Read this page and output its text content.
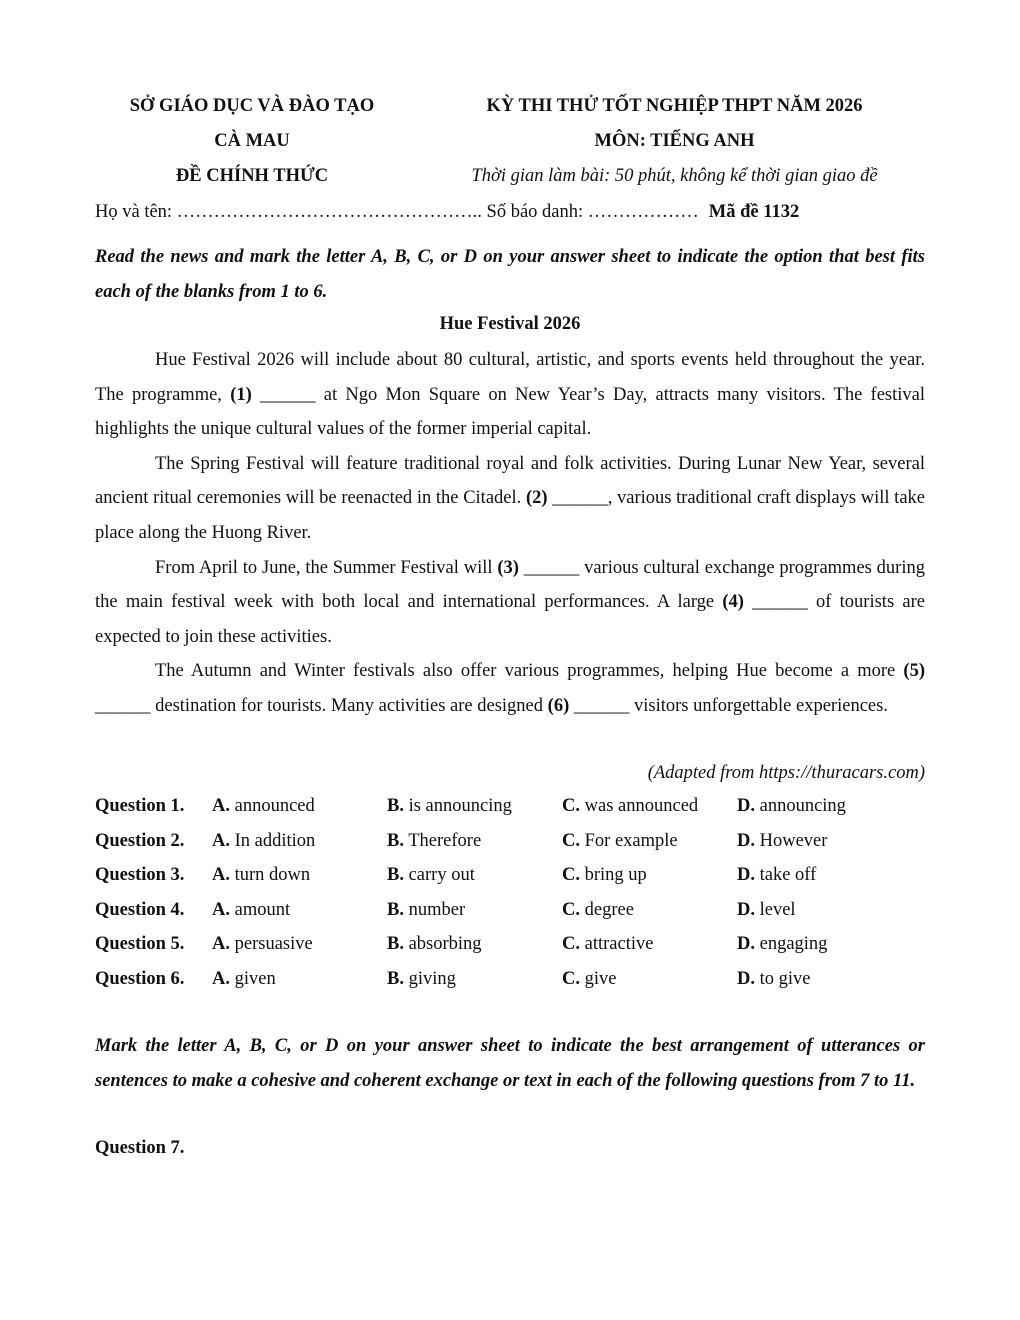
SỞ GIÁO DỤC VÀ ĐÀO TẠO
CÀ MAU
ĐỀ CHÍNH THỨC
KỲ THI THỬ TỐT NGHIỆP THPT NĂM 2026
MÔN: TIẾNG ANH
Thời gian làm bài: 50 phút, không kể thời gian giao đề
Họ và tên: ………………………………………….. Số báo danh: ……………… Mã đề 1132
Read the news and mark the letter A, B, C, or D on your answer sheet to indicate the option that best fits each of the blanks from 1 to 6.
Hue Festival 2026

Hue Festival 2026 will include about 80 cultural, artistic, and sports events held throughout the year. The programme, (1) ______ at Ngo Mon Square on New Year’s Day, attracts many visitors. The festival highlights the unique cultural values of the former imperial capital.

The Spring Festival will feature traditional royal and folk activities. During Lunar New Year, several ancient ritual ceremonies will be reenacted in the Citadel. (2) ______, various traditional craft displays will take place along the Huong River.

From April to June, the Summer Festival will (3) ______ various cultural exchange programmes during the main festival week with both local and international performances. A large (4) ______ of tourists are expected to join these activities.

The Autumn and Winter festivals also offer various programmes, helping Hue become a more (5) ______ destination for tourists. Many activities are designed (6) ______ visitors unforgettable experiences.

(Adapted from https://thuracars.com)
Question 1. A. announced	B. is announcing	C. was announced D. announcing
Question 2. A. In addition	B. Therefore	C. For example	D. However
Question 3. A. turn down	B. carry out	C. bring up	D. take off
Question 4. A. amount	B. number	C. degree	D. level
Question 5. A. persuasive	B. absorbing	C. attractive	D. engaging
Question 6. A. given	B. giving	C. give	D. to give
Mark the letter A, B, C, or D on your answer sheet to indicate the best arrangement of utterances or sentences to make a cohesive and coherent exchange or text in each of the following questions from 7 to 11.
Question 7.
